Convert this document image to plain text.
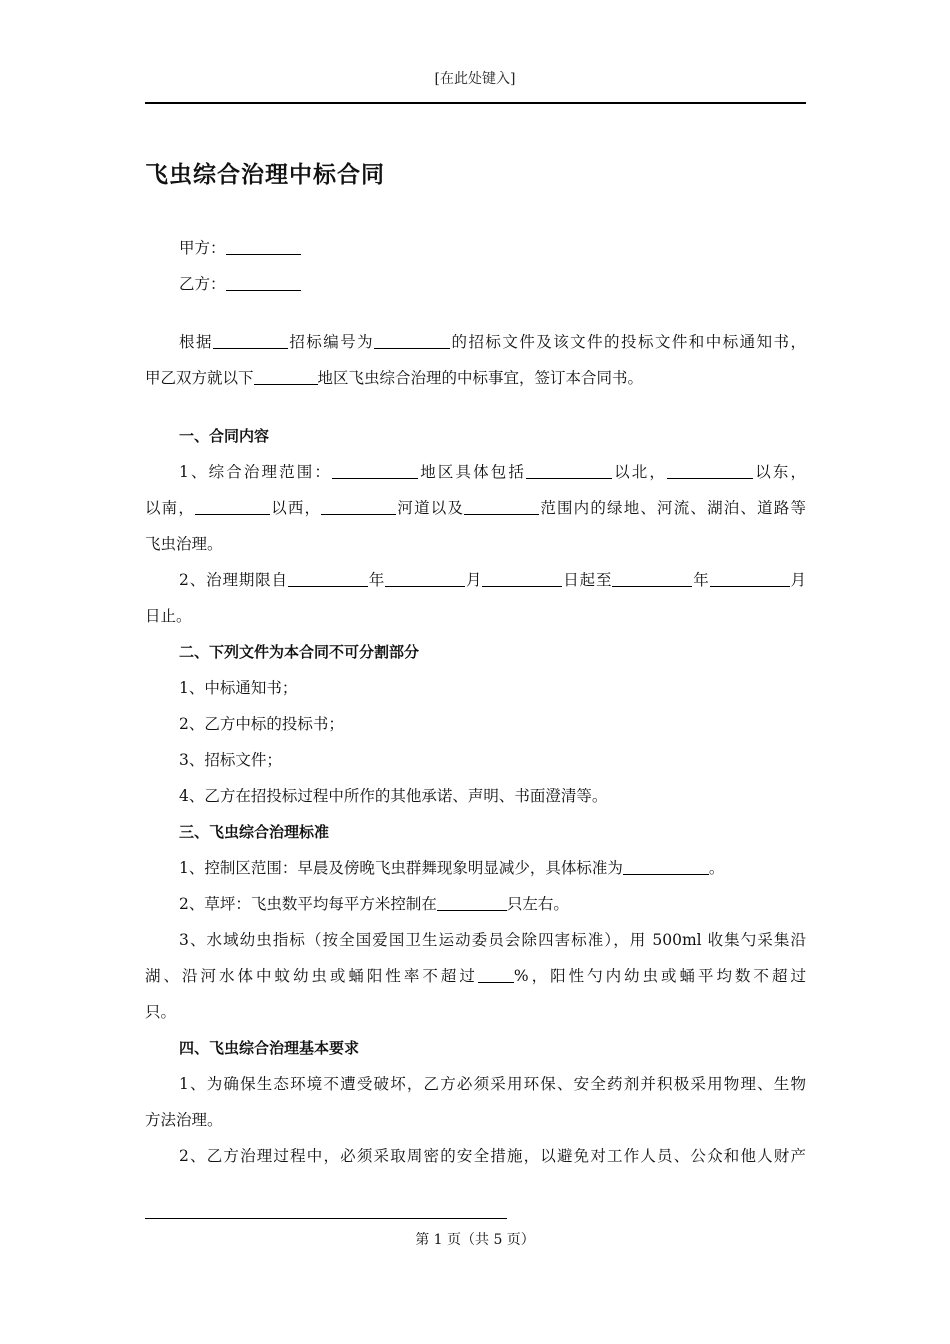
[在此处键入]
飞虫综合治理中标合同
甲方：
乙方：
根据	招标编号为	的招标文件及该文件的投标文件和中标通知书，
甲乙双方就以下	地区飞虫综合治理的中标事宜，签订本合同书。
一、合同内容
1、综合治理范围：	地区具体包括	以北，	以东，
以南，	以西，	河道以及	范围内的绿地、河流、湖泊、道路等
飞虫治理。
2、治理期限自	年	月	日起至	年	月
日止。
二、下列文件为本合同不可分割部分
1、中标通知书；
2、乙方中标的投标书；
3、招标文件；
4、乙方在招投标过程中所作的其他承诺、声明、书面澄清等。
三、飞虫综合治理标准
1、控制区范围：早晨及傍晚飞虫群舞现象明显减少，具体标准为	。
2、草坪：飞虫数平均每平方米控制在	只左右。
3、水域幼虫指标（按全国爱国卫生运动委员会除四害标准），用 500ml 收集勺采集沿
湖、沿河水体中蚊幼虫或蛹阳性率不超过 %，阳性勺内幼虫或蛹平均数不超过
只。
四、飞虫综合治理基本要求
1、为确保生态环境不遭受破坏，乙方必须采用环保、安全药剂并积极采用物理、生物
方法治理。
2、乙方治理过程中，必须采取周密的安全措施，以避免对工作人员、公众和他人财产
第 1 页（共 5 页）
